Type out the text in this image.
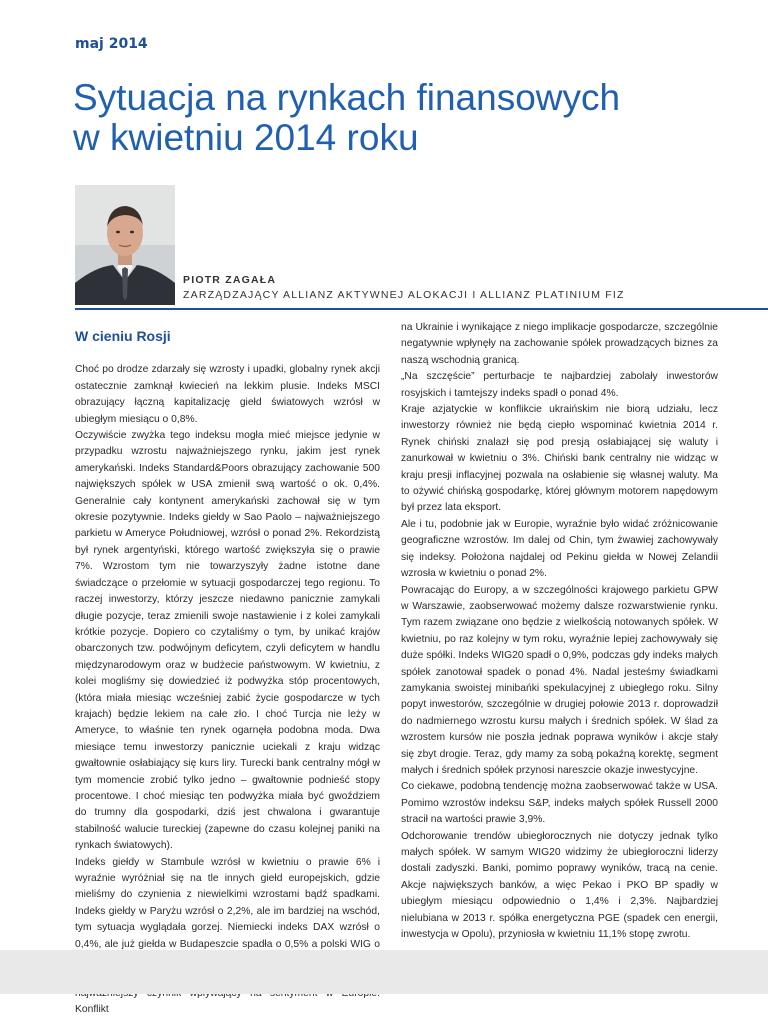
maj 2014
Sytuacja na rynkach finansowych
w kwietniu 2014 roku
PIOTR ZAGAŁA
ZARZĄDZAJĄCY ALLIANZ AKTYWNEJ ALOKACJI I ALLIANZ PLATINIUM FIZ
W cieniu Rosji

Choć po drodze zdarzały się wzrosty i upadki, globalny rynek akcji ostatecznie zamknął kwiecień na lekkim plusie. Indeks MSCI obrazujący łączną kapitalizację giełd światowych wzrósł w ubiegłym miesiącu o 0,8%.

Oczywiście zwyżka tego indeksu mogła mieć miejsce jedynie w przypadku wzrostu najważniejszego rynku, jakim jest rynek amerykański. Indeks Standard&Poors obrazujący zachowanie 500 największych spółek w USA zmienił swą wartość o ok. 0,4%. Generalnie cały kontynent amerykański zachował się w tym okresie pozytywnie. Indeks giełdy w Sao Paolo – najważniejszego parkietu w Ameryce Południowej, wzrósł o ponad 2%. Rekordzistą był rynek argentyński, którego wartość zwiększyła się o prawie 7%. Wzrostom tym nie towarzyszyły żadne istotne dane świadczące o przełomie w sytuacji gospodarczej tego regionu. To raczej inwestorzy, którzy jeszcze niedawno panicznie zamykali długie pozycje, teraz zmienili swoje nastawienie i z kolei zamykali krótkie pozycje. Dopiero co czytaliśmy o tym, by unikać krajów obarczonych tzw. podwójnym deficytem, czyli deficytem w handlu międzynarodowym oraz w budżecie państwowym. W kwietniu, z kolei mogliśmy się dowiedzieć iż podwyżka stóp procentowych, (która miała miesiąc wcześniej zabić życie gospodarcze w tych krajach) będzie lekiem na całe zło. I choć Turcja nie leży w Ameryce, to właśnie ten rynek ogarnęła podobna moda. Dwa miesiące temu inwestorzy panicznie uciekali z kraju widząc gwałtownie osłabiający się kurs liry. Turecki bank centralny mógł w tym momencie zrobić tylko jedno – gwałtownie podnieść stopy procentowe. I choć miesiąc ten podwyżka miała być gwoździem do trumny dla gospodarki, dziś jest chwalona i gwarantuje stabilność walucie tureckiej (zapewne do czasu kolejnej paniki na rynkach światowych).

Indeks giełdy w Stambule wzrósł w kwietniu o prawie 6% i wyraźnie wyróżniał się na tle innych giełd europejskich, gdzie mieliśmy do czynienia z niewielkimi wzrostami bądź spadkami. Indeks giełdy w Paryżu wzrósł o 2,2%, ale im bardziej na wschód, tym sytuacja wyglądała gorzej. Niemiecki indeks DAX wzrósł o 0,4%, ale już giełda w Budapeszcie spadła o 0,5% a polski WIG o

Konflikt

na Ukrainie i wynikające z niego implikacje gospodarcze, szczególnie negatywnie wpłynęły na zachowanie spółek prowadzących biznes za naszą wschodnią granicą.

„Na szczęście” perturbacje te najbardziej zabolały inwestorów rosyjskich i tamtejszy indeks spadł o ponad 4%.

Kraje azjatyckie w konflikcie ukraińskim nie biorą udziału, lecz inwestorzy również nie będą ciepło wspominać kwietnia 2014 r. Rynek chiński znalazł się pod presją osłabiającej się waluty i zanurkował w kwietniu o 3%. Chiński bank centralny nie widząc w kraju presji inflacyjnej pozwala na osłabienie się własnej waluty. Ma to ożywić chińską gospodarkę, której głównym motorem napędowym był przez lata eksport.

Ale i tu, podobnie jak w Europie, wyraźnie było widać zróżnicowanie geograficzne wzrostów. Im dalej od Chin, tym żwawiej zachowywały się indeksy. Położona najdalej od Pekinu giełda w Nowej Zelandii wzrosła w kwietniu o ponad 2%.

Powracając do Europy, a w szczególności krajowego parkietu GPW w Warszawie, zaobserwować możemy dalsze rozwarstwienie rynku. Tym razem związane ono będzie z wielkością notowanych spółek. W kwietniu, po raz kolejny w tym roku, wyraźnie lepiej zachowywały się duże spółki. Indeks WIG20 spadł o 0,9%, podczas gdy indeks małych spółek zanotował spadek o ponad 4%. Nadal jesteśmy świadkami zamykania swoistej minibańki spekulacyjnej z ubiegłego roku. Silny popyt inwestorów, szczególnie w drugiej połowie 2013 r. doprowadził do nadmiernego wzrostu kursu małych i średnich spółek. W ślad za wzrostem kursów nie poszła jednak poprawa wyników i akcje stały się zbyt drogie. Teraz, gdy mamy za sobą pokaźną korektę, segment małych i średnich spółek przynosi nareszcie okazje inwestycyjne.

Co ciekawe, podobną tendencję można zaobserwować także w USA. Pomimo wzrostów indeksu S&P, indeks małych spółek Russell 2000 stracił na wartości prawie 3,9%.

Odchorowanie trendów ubiegłorocznych nie dotyczy jednak tylko małych spółek. W samym WIG20 widzimy że ubiegłoroczni liderzy dostali zadyszki. Banki, pomimo poprawy wyników, tracą na cenie. Akcje największych banków, a więc Pekao i PKO BP spadły w ubiegłym miesiącu odpowiednio o 1,4% i 2,3%. Najbardziej nielubiana w 2013 r. spółka energetyczna PGE (spadek cen energii, inwestycja w Opolu), przyniosła w kwietniu 11,1% stopę zwrotu.
